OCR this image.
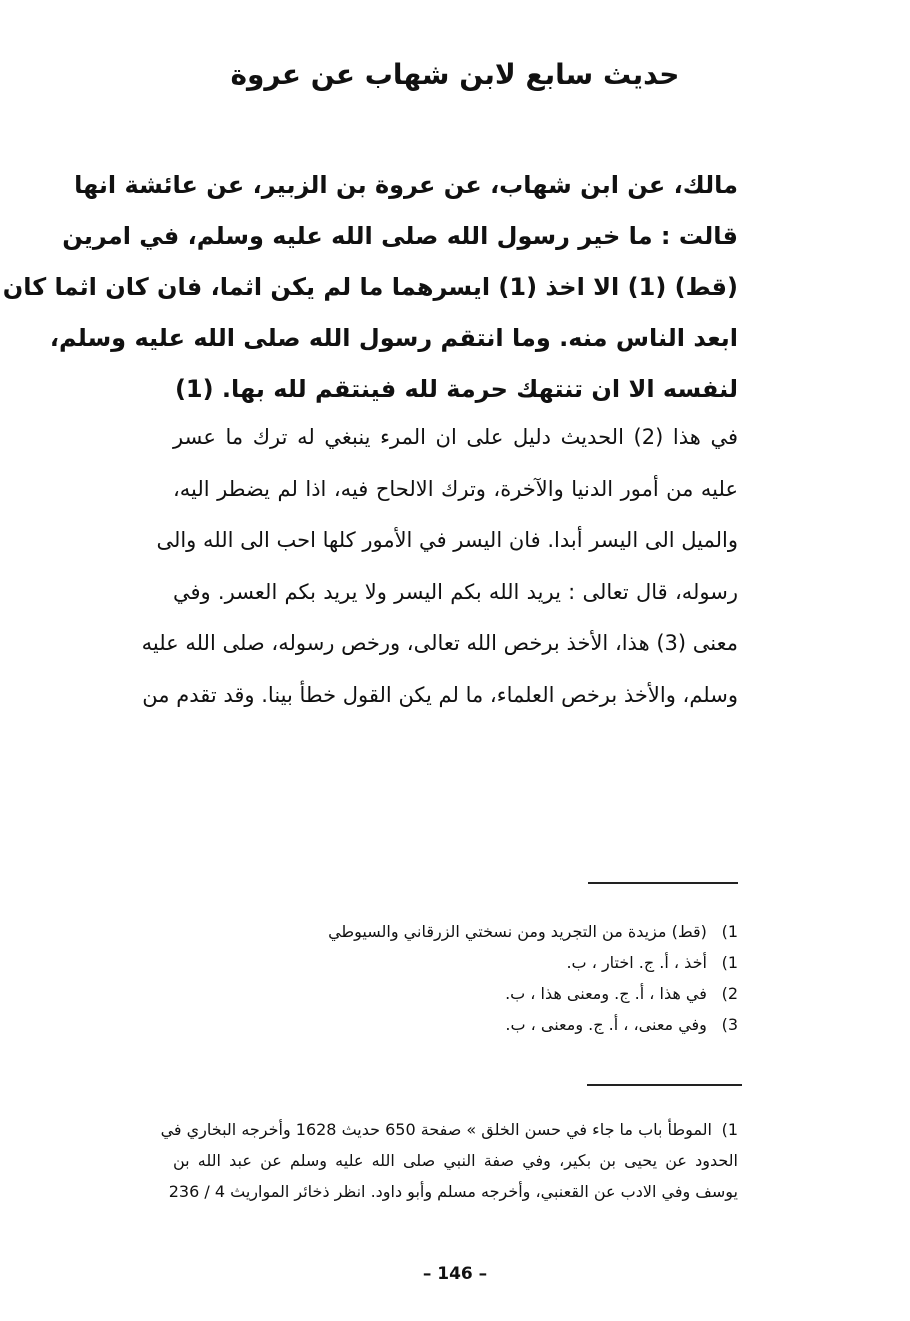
حديث سابع لابن شهاب عن عروة
مالك، عن ابن شهاب، عن عروة بن الزبير، عن عائشة انها
قالت : ما خير رسول الله صلى الله عليه وسلم، في امرين
(قط) (1) الا اخذ (1) ايسرهما ما لم يكن اثما، فان كان اثما كان
ابعد الناس منه. وما انتقم رسول الله صلى الله عليه وسلم،
لنفسه الا ان تنتهك حرمة لله فينتقم لله بها. (1)
في هذا (2) الحديث دليل على ان المرء ينبغي له ترك ما عسر
عليه من أمور الدنيا والآخرة، وترك الالحاح فيه، اذا لم يضطر اليه،
والميل الى اليسر أبدا. فان اليسر في الأمور كلها احب الى الله والى
رسوله، قال تعالى : يريد الله بكم اليسر ولا يريد بكم العسر. وفي
معنى (3) هذا، الأخذ برخص الله تعالى، ورخص رسوله، صلى الله عليه
وسلم، والأخذ برخص العلماء، ما لم يكن القول خطأ بينا. وقد تقدم من
1) (قط) مزيدة من التجريد ومن نسختي الزرقاني والسيوطي
1) أخذ ، أ. ج. اختار ، ب.
2) في هذا ، أ. ج. ومعنى هذا ، ب.
3) وفي معنى، ، أ. ج. ومعنى ، ب.
1)الموطأ باب ما جاء في حسن الخلق » صفحة 650 حديث 1628 وأخرجه البخاري في
الحدود عن يحيى بن بكير، وفي صفة النبي صلى الله عليه وسلم عن عبد الله بن
يوسف وفي الادب عن القعنبي، وأخرجه مسلم وأبو داود. انظر ذخائر المواريث 4 / 236
– 146 –
